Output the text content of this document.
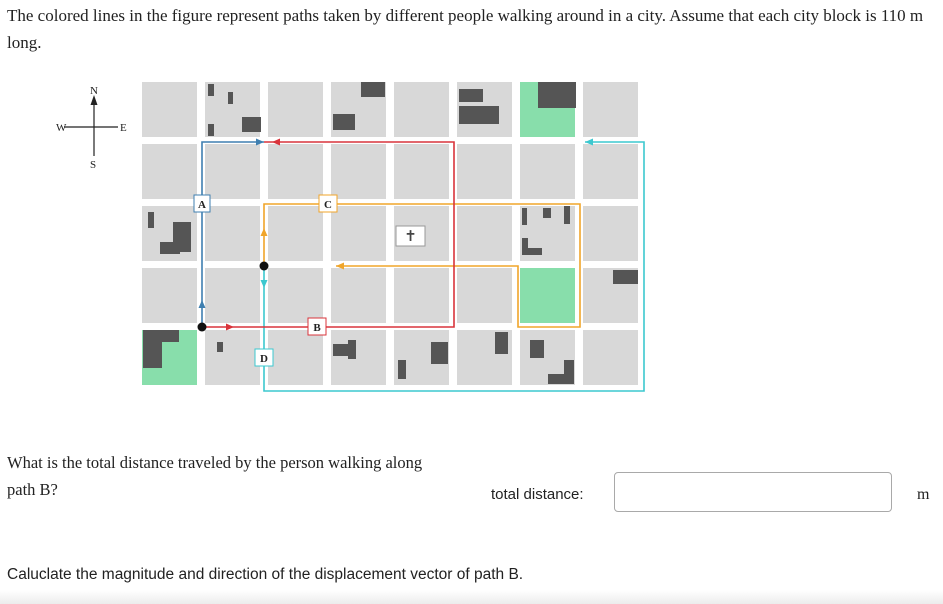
The colored lines in the figure represent paths taken by different people walking around in a city. Assume that each city block is 110 m long.

N
S
E
W
✝
A
B
C
D

What is the total distance traveled by the person walking along path B?	total distance:	m
Caluclate the magnitude and direction of the displacement vector of path B.
